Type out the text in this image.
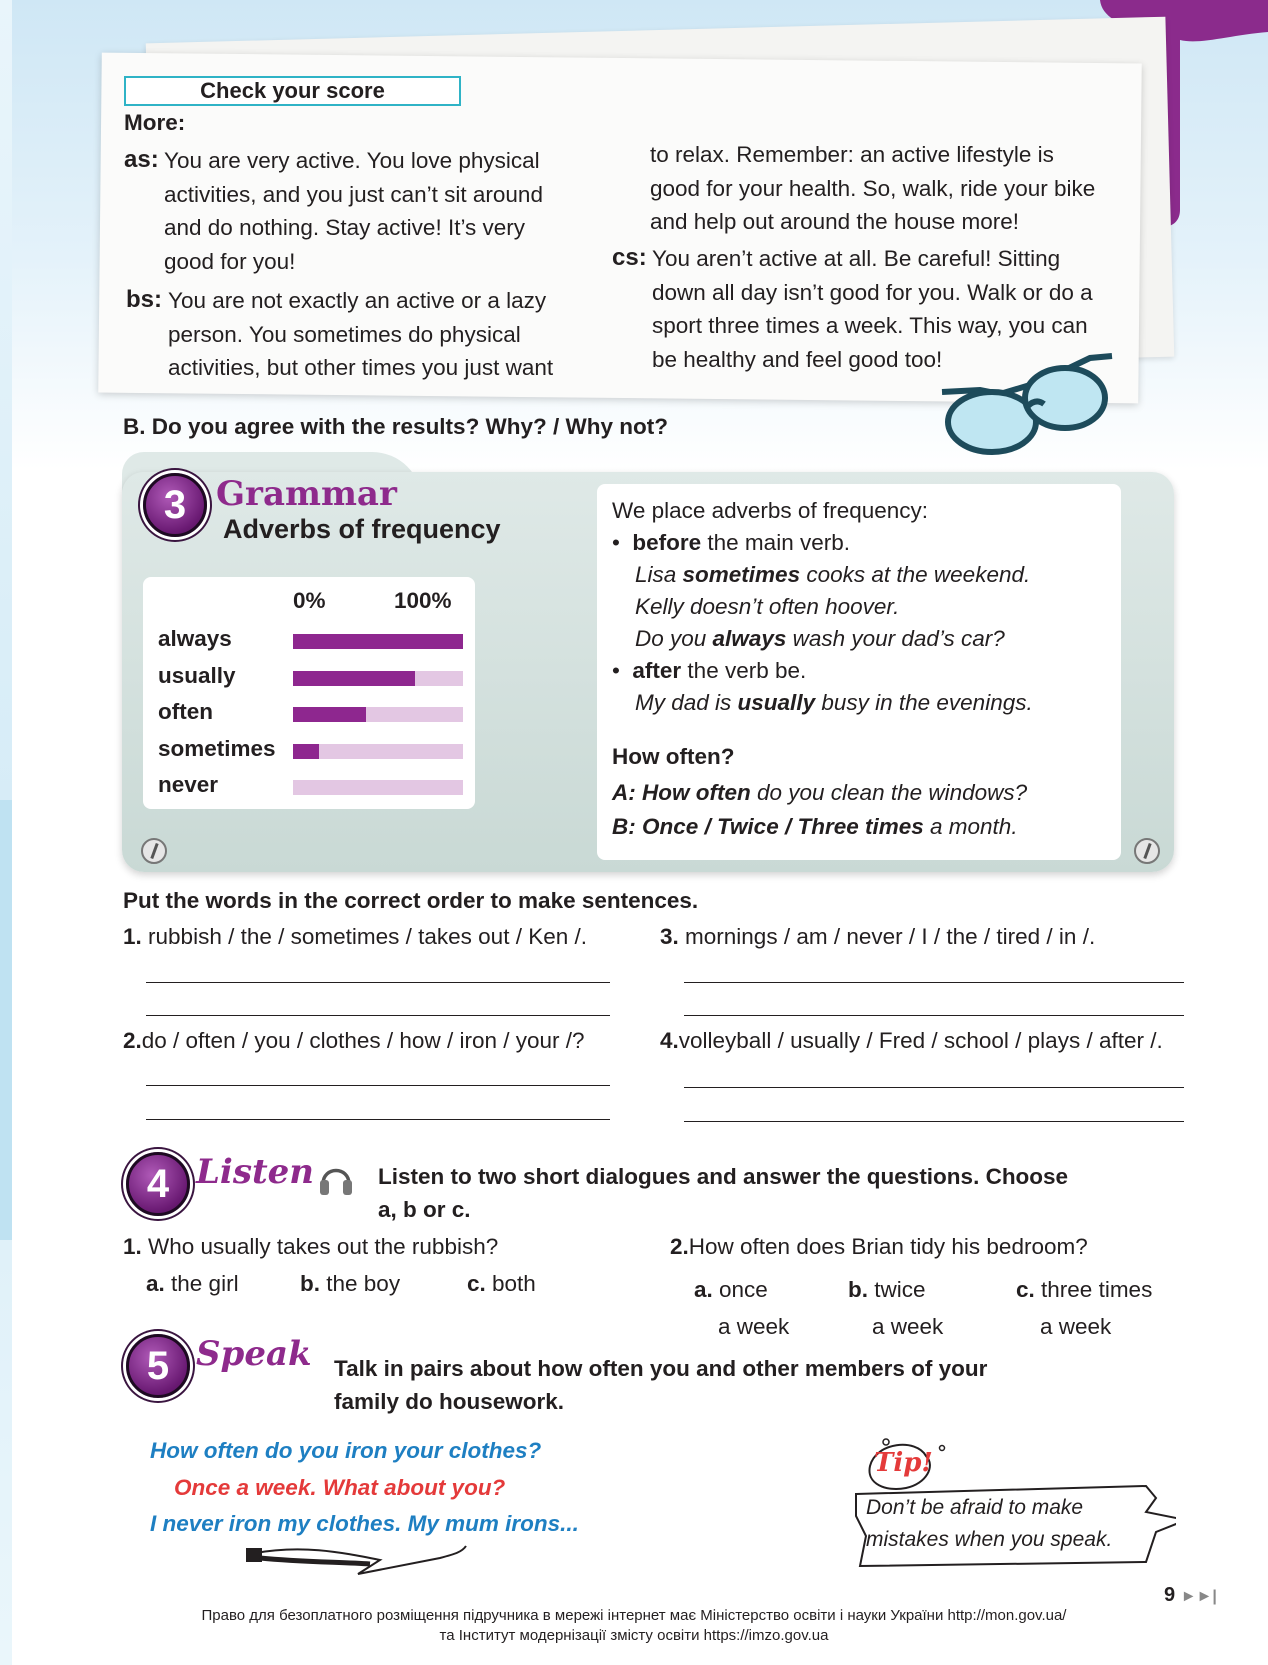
Check your score
More:
as: You are very active. You love physical
activities, and you just can’t sit around
and do nothing. Stay active! It’s very
good for you!
bs: You are not exactly an active or a lazy
person. You sometimes do physical
activities, but other times you just want
to relax. Remember: an active lifestyle is
good for your health. So, walk, ride your bike
and help out around the house more!
cs: You aren’t active at all. Be careful! Sitting
down all day isn’t good for you. Walk or do a
sport three times a week. This way, you can
be healthy and feel good too!
B. Do you agree with the results? Why? / Why not?
3 Grammar
Adverbs of frequency
0%	100%
always
usually
often
sometimes
never
We place adverbs of frequency:
•  before the main verb.
Lisa sometimes cooks at the weekend.
Kelly doesn’t often hoover.
Do you always wash your dad’s car?
•  after the verb be.
My dad is usually busy in the evenings.
How often?
A: How often do you clean the windows?
B: Once / Twice / Three times a month.
Put the words in the correct order to make sentences.
1. rubbish / the / sometimes / takes out / Ken /.
2.do / often / you / clothes / how / iron / your /?
3. mornings / am / never / I / the / tired / in /.
4.volleyball / usually / Fred / school / plays / after /.
4 Listen	Listen to two short dialogues and answer the questions. Choose
a, b or c.
1. Who usually takes out the rubbish?
a. the girl	b. the boy	c. both
2.How often does Brian tidy his bedroom?
a. once
a week
b. twice
a week
c. three times
a week
5 Speak Talk in pairs about how often you and other members of your
family do housework.
How often do you iron your clothes?
Once a week. What about you?
I never iron my clothes. My mum irons...
Tip!
Don’t be afraid to make
mistakes when you speak.
9 ►►|
Право для безоплатного розміщення підручника в мережі інтернет має Міністерство освіти і науки України http://mon.gov.ua/
та Інститут модернізації змісту освіти https://imzo.gov.ua
